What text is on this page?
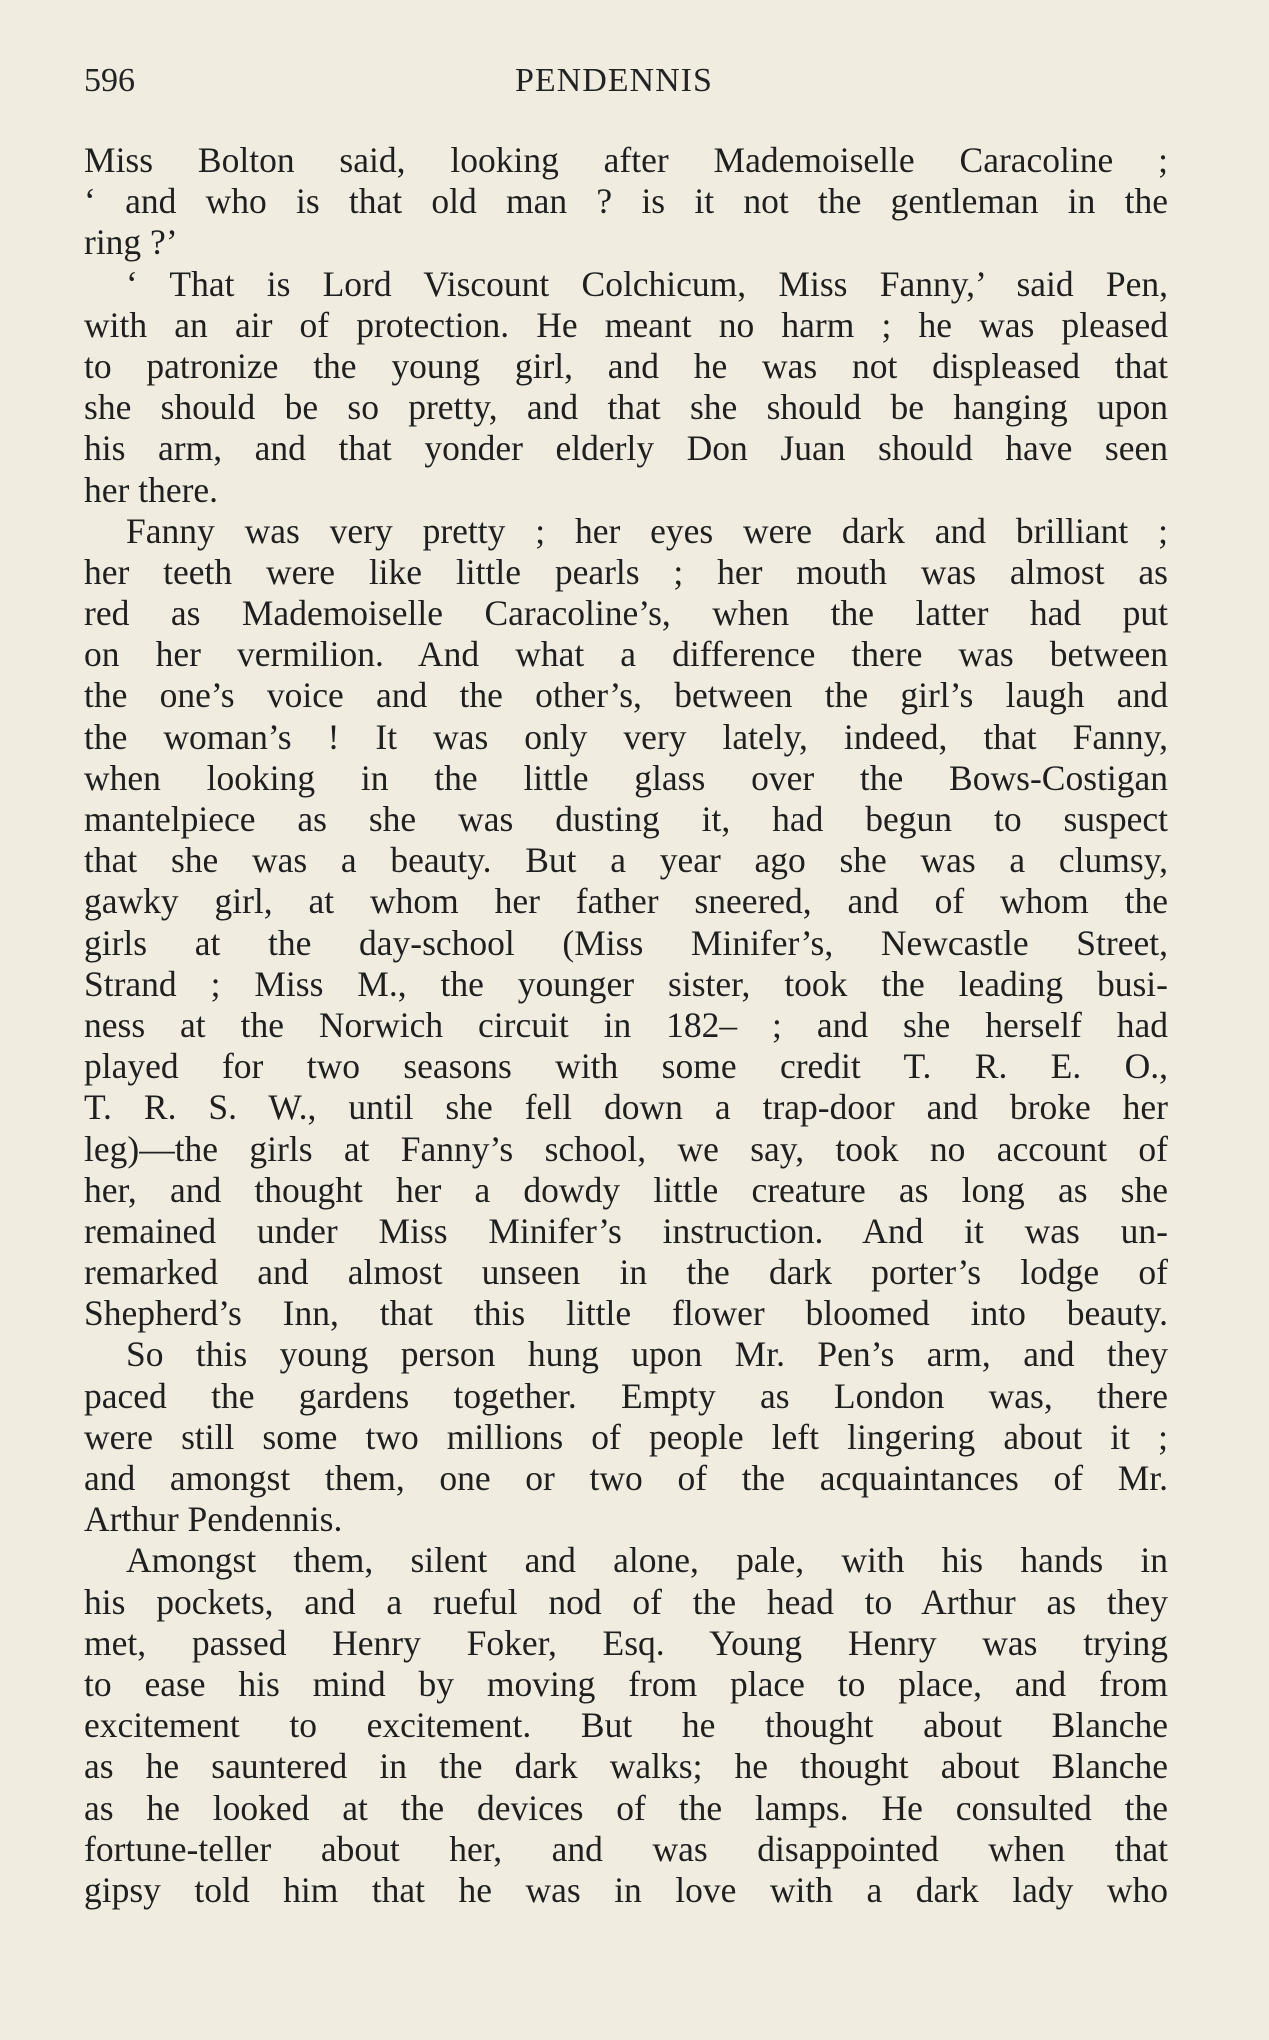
596	PENDENNIS
Miss Bolton said, looking after Mademoiselle Caracoline ;
‘ and who is that old man ? is it not the gentleman in the
ring ?’
‘ That is Lord Viscount Colchicum, Miss Fanny,’ said Pen,
with an air of protection. He meant no harm ; he was pleased
to patronize the young girl, and he was not displeased that
she should be so pretty, and that she should be hanging upon
his arm, and that yonder elderly Don Juan should have seen
her there.
Fanny was very pretty ; her eyes were dark and brilliant ;
her teeth were like little pearls ; her mouth was almost as
red as Mademoiselle Caracoline’s, when the latter had put
on her vermilion. And what a difference there was between
the one’s voice and the other’s, between the girl’s laugh and
the woman’s ! It was only very lately, indeed, that Fanny,
when looking in the little glass over the Bows-Costigan
mantelpiece as she was dusting it, had begun to suspect
that she was a beauty. But a year ago she was a clumsy,
gawky girl, at whom her father sneered, and of whom the
girls at the day-school (Miss Minifer’s, Newcastle Street,
Strand ; Miss M., the younger sister, took the leading busi-
ness at the Norwich circuit in 182– ; and she herself had
played for two seasons with some credit T. R. E. O.,
T. R. S. W., until she fell down a trap-door and broke her
leg)—the girls at Fanny’s school, we say, took no account of
her, and thought her a dowdy little creature as long as she
remained under Miss Minifer’s instruction. And it was un-
remarked and almost unseen in the dark porter’s lodge of
Shepherd’s Inn, that this little flower bloomed into beauty.
So this young person hung upon Mr. Pen’s arm, and they
paced the gardens together. Empty as London was, there
were still some two millions of people left lingering about it ;
and amongst them, one or two of the acquaintances of Mr.
Arthur Pendennis.
Amongst them, silent and alone, pale, with his hands in
his pockets, and a rueful nod of the head to Arthur as they
met, passed Henry Foker, Esq. Young Henry was trying
to ease his mind by moving from place to place, and from
excitement to excitement. But he thought about Blanche
as he sauntered in the dark walks; he thought about Blanche
as he looked at the devices of the lamps. He consulted the
fortune-teller about her, and was disappointed when that
gipsy told him that he was in love with a dark lady who
